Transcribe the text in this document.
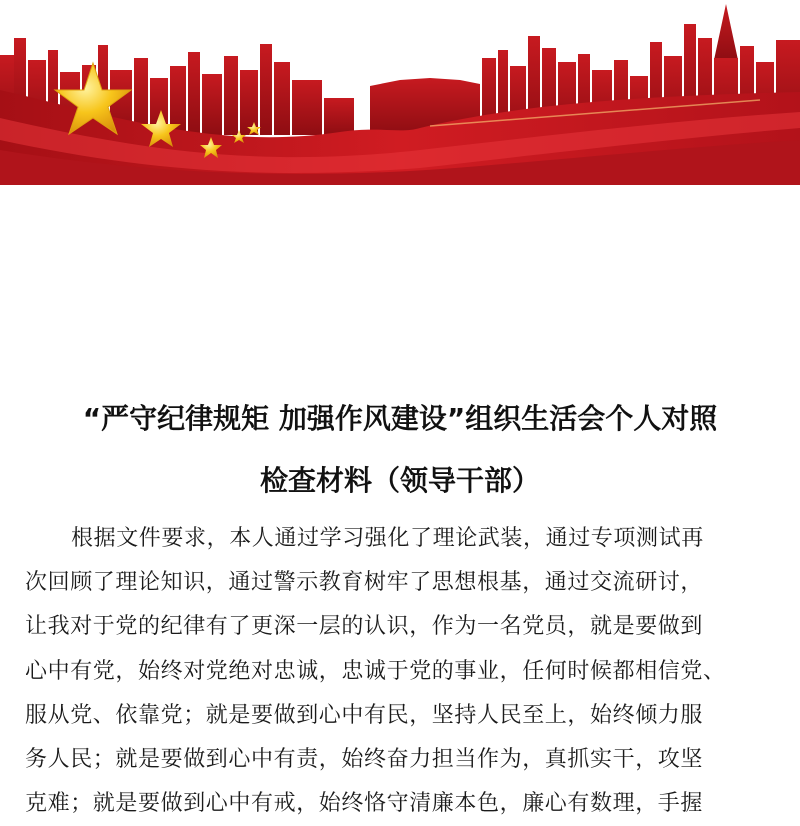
“严守纪律规矩 加强作风建设”组织生活会个人对照
检查材料（领导干部）
根据文件要求，本人通过学习强化了理论武装，通过专项测试再
次回顾了理论知识，通过警示教育树牢了思想根基，通过交流研讨，
让我对于党的纪律有了更深一层的认识，作为一名党员，就是要做到
心中有党，始终对党绝对忠诚，忠诚于党的事业，任何时候都相信党、
服从党、依靠党；就是要做到心中有民，坚持人民至上，始终倾力服
务人民；就是要做到心中有责，始终奋力担当作为，真抓实干，攻坚
克难；就是要做到心中有戒，始终恪守清廉本色，廉心有数理，手握
